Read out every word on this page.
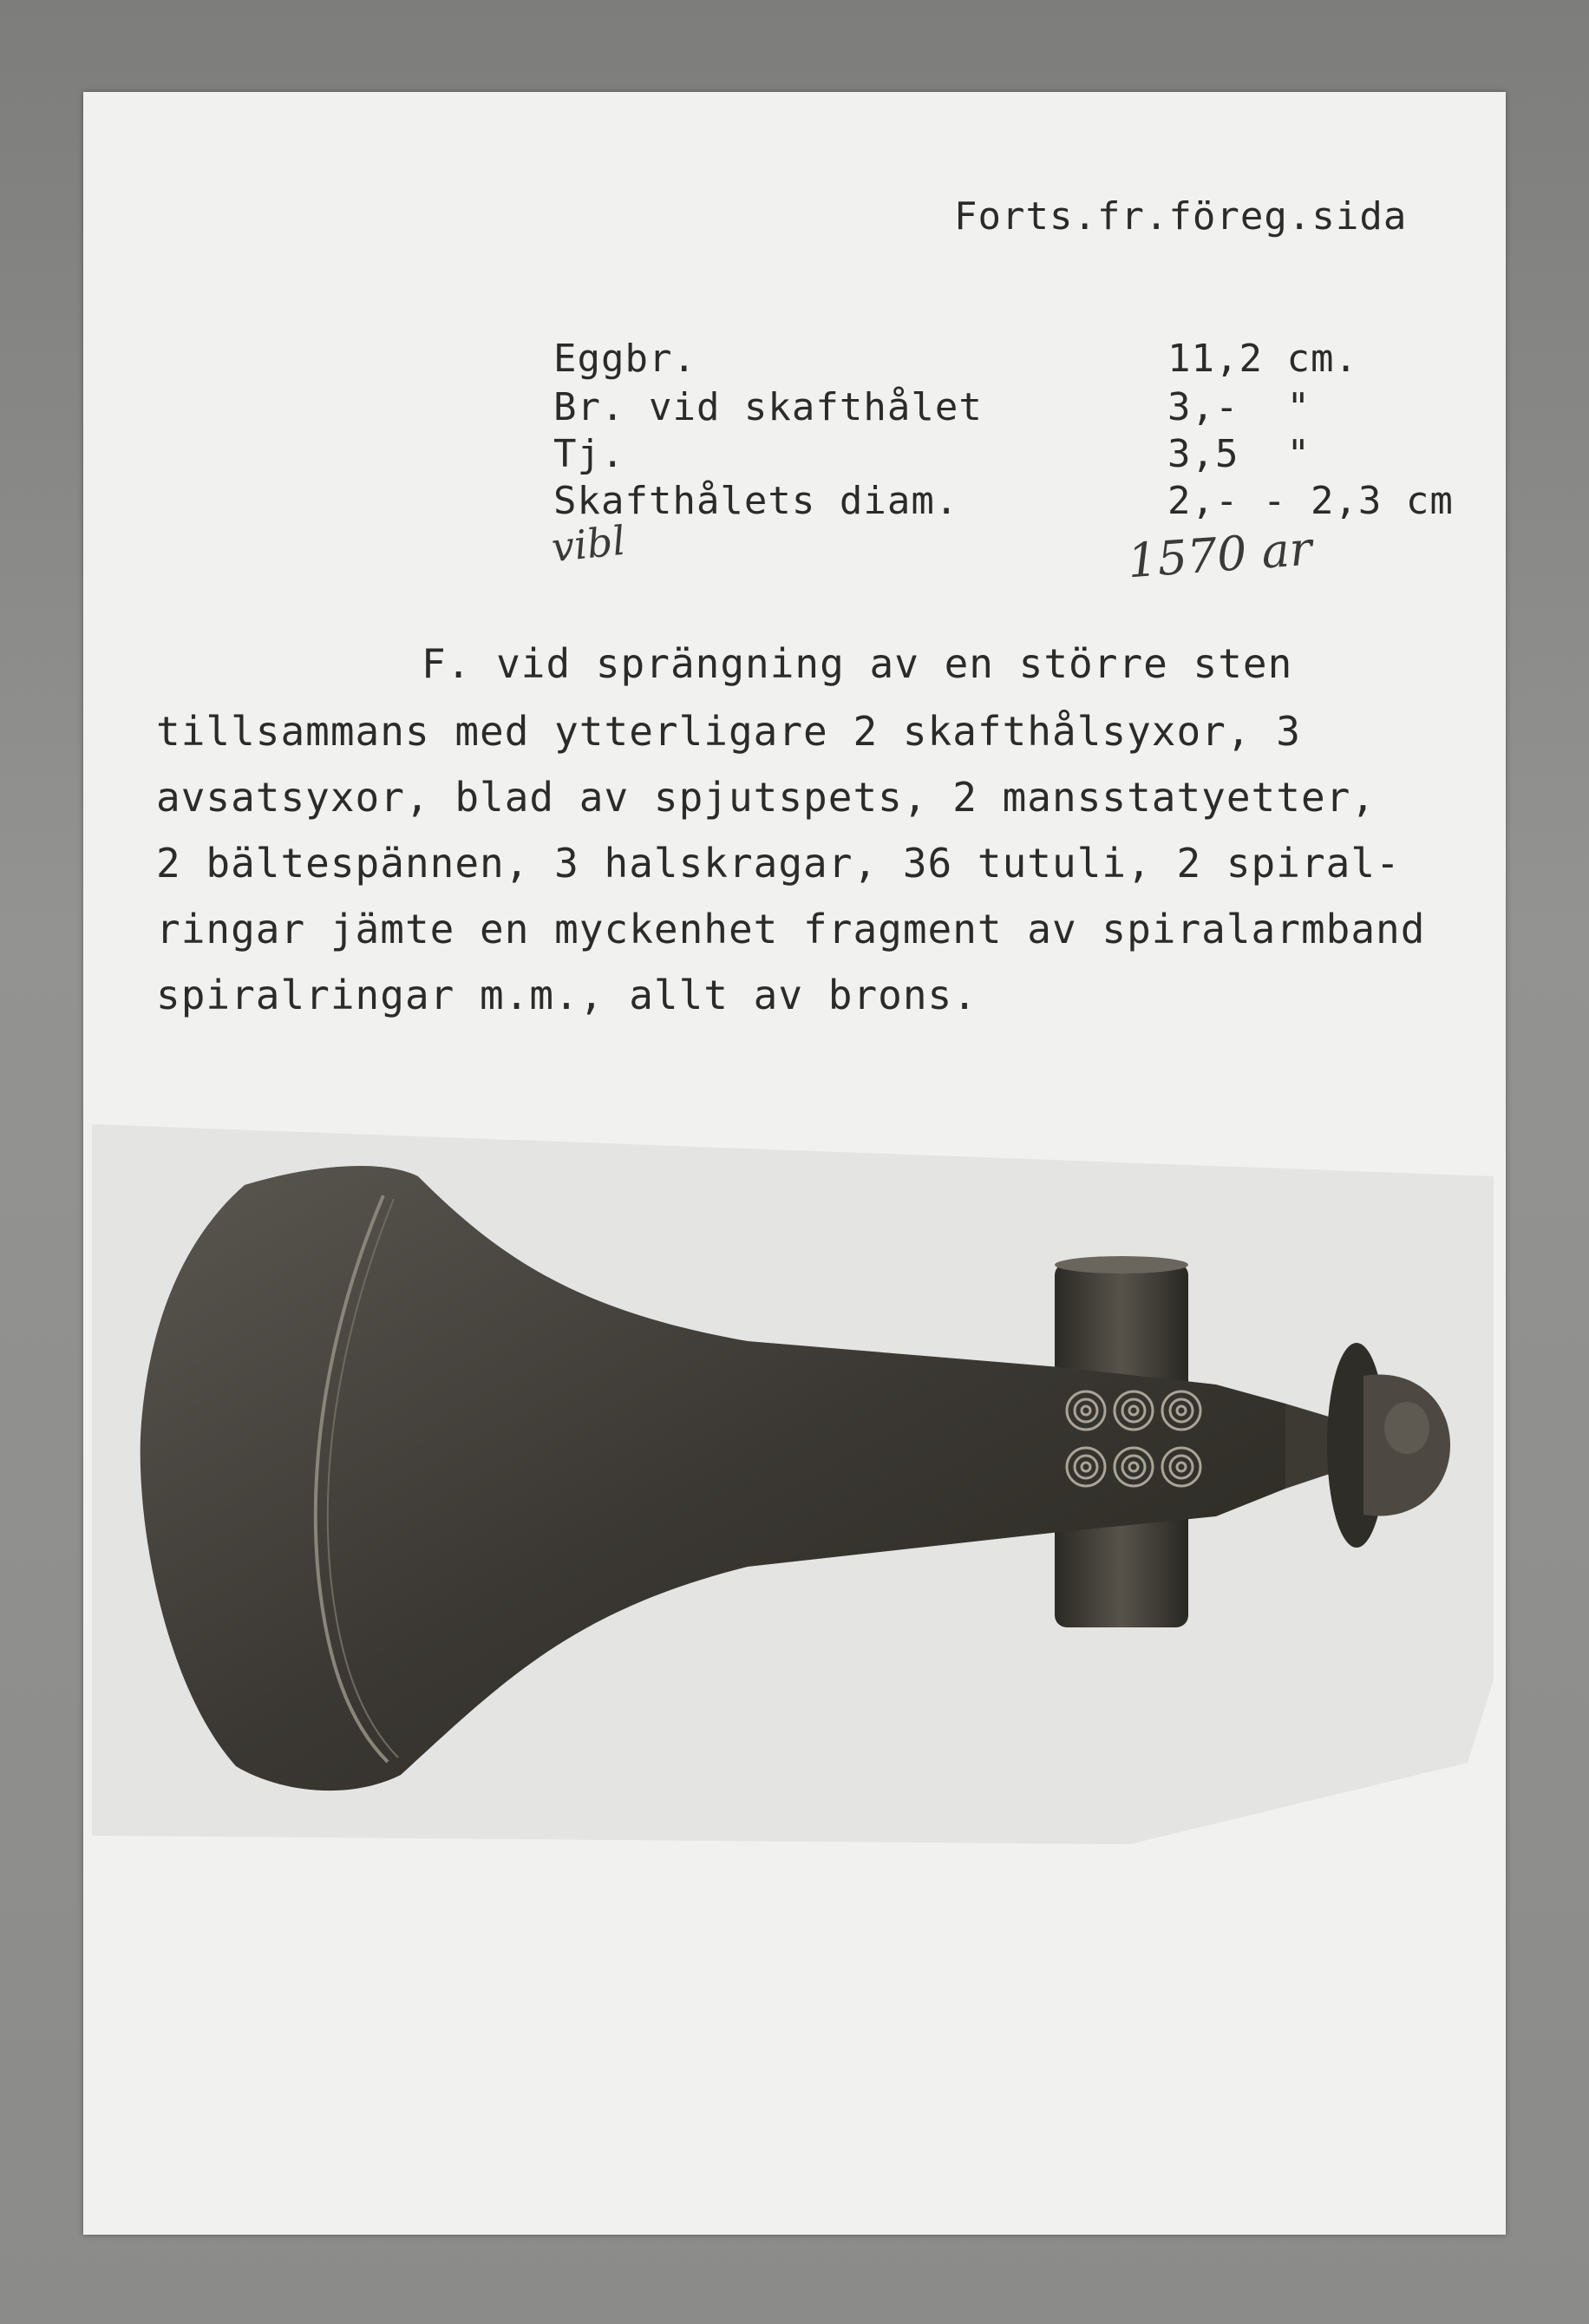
Forts.fr.föreg.sida
Eggbr.	11,2 cm.
Br. vid skafthålet	3,-  "
Tj.	3,5  "
Skafthålets diam.	2,- - 2,3 cm
vibl	1570 ar
F. vid sprängning av en större sten
tillsammans med ytterligare 2 skafthålsyxor, 3
avsatsyxor, blad av spjutspets, 2 mansstatyetter,
2 bältespännen, 3 halskragar, 36 tutuli, 2 spiral-
ringar jämte en myckenhet fragment av spiralarmband
spiralringar m.m., allt av brons.
